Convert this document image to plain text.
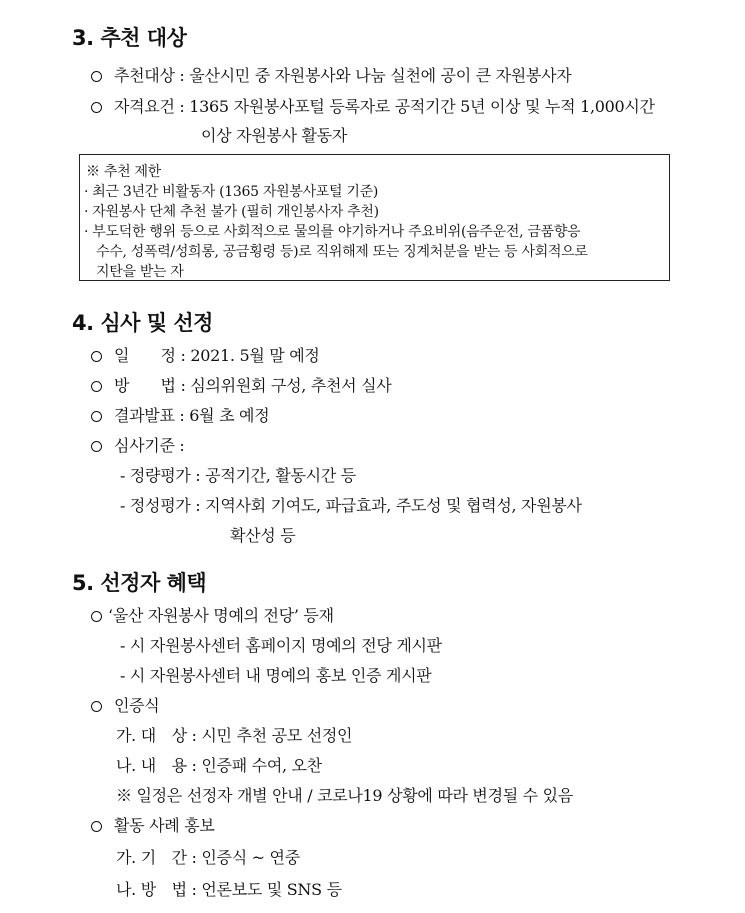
3. 추천 대상
추천대상 : 울산시민 중 자원봉사와 나눔 실천에 공이 큰 자원봉사자
자격요건 : 1365 자원봉사포털 등록자로 공적기간 5년 이상 및 누적 1,000시간
이상 자원봉사 활동자
※ 추천 제한
· 최근 3년간 비활동자 (1365 자원봉사포털 기준)
· 자원봉사 단체 추천 불가 (필히 개인봉사자 추천)
· 부도덕한 행위 등으로 사회적으로 물의를 야기하거나 주요비위(음주운전, 금품향응
수수, 성폭력/성희롱, 공금횡령 등)로 직위해제 또는 징계처분을 받는 등 사회적으로
지탄을 받는 자
4. 심사 및 선정
일　　정 : 2021. 5월 말 예정
방　　법 : 심의위원회 구성, 추천서 실사
결과발표 : 6월 초 예정
심사기준 :
- 정량평가 : 공적기간, 활동시간 등
- 정성평가 : 지역사회 기여도, 파급효과, 주도성 및 협력성, 자원봉사
확산성 등
5. 선정자 혜택
‘울산 자원봉사 명예의 전당’ 등재
- 시 자원봉사센터 홈페이지 명예의 전당 게시판
- 시 자원봉사센터 내 명예의 홍보 인증 게시판
인증식
가. 대　상 : 시민 추천 공모 선정인
나. 내　용 : 인증패 수여, 오찬
※ 일정은 선정자 개별 안내 / 코로나19 상황에 따라 변경될 수 있음
활동 사례 홍보
가. 기　간 : 인증식 ~ 연중
나. 방　법 : 언론보도 및 SNS 등
